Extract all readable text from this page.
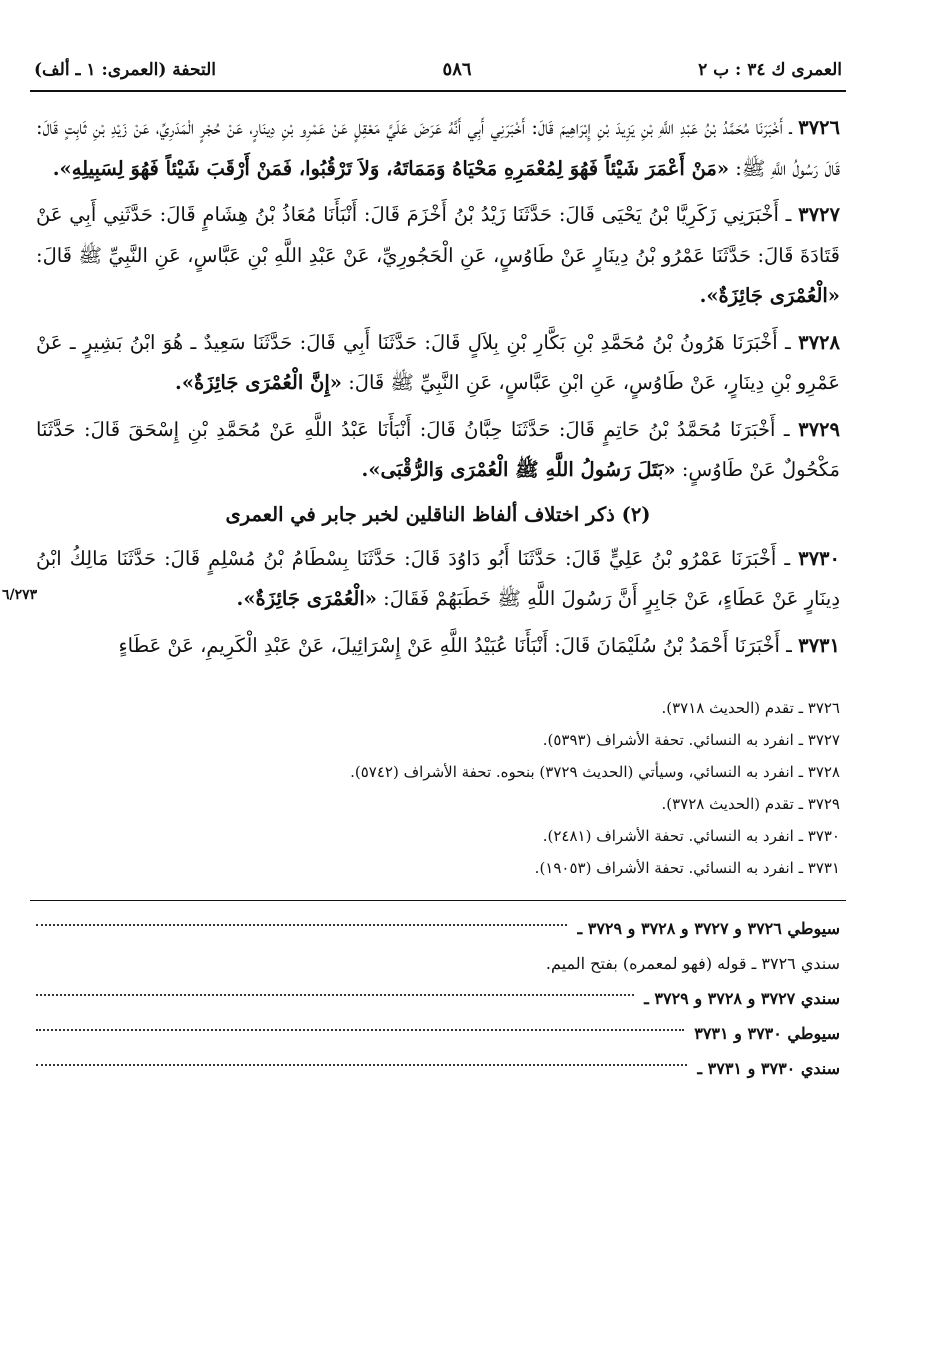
العمرى ك ٣٤ : ب ٢
٥٨٦
التحفة (العمرى: ١ ـ ألف)

٣٧٢٦ ـ أَخْبَرَنَا مُحَمَّدُ بْنُ عَبْدِ اللَّهِ بْنِ يَزِيدَ بْنِ إِبْرَاهِيمَ قَالَ: أَخْبَرَنِي أَبِي أَنَّهُ عَرَضَ عَلَيَّ مَعْقِلٍ عَنْ عَمْرِو بْنِ دِينَارٍ، عَنْ حُجْرٍ الْمَدَرِيِّ، عَنْ زَيْدِ بْنِ ثَابِتٍ قَالَ: قَالَ رَسُولُ اللَّهِ ﷺ: «مَنْ أَعْمَرَ شَيْئاً فَهُوَ لِمُعْمَرِهِ مَحْيَاهُ وَمَمَاتَهُ، وَلاَ تَرْقُبُوا، فَمَنْ أَرْقَبَ شَيْئاً فَهُوَ لِسَبِيلِهِ».

٣٧٢٧ ـ أَخْبَرَنِي زَكَرِيَّا بْنُ يَحْيَى قَالَ: حَدَّثَنَا زَيْدُ بْنُ أَخْزَمَ قَالَ: أَنْبَأَنَا مُعَاذُ بْنُ هِشَامٍ قَالَ: حَدَّثَنِي أَبِي عَنْ قَتَادَةَ قَالَ: حَدَّثَنَا عَمْرُو بْنُ دِينَارٍ عَنْ طَاوُسٍ، عَنِ الْحَجُورِيِّ، عَنْ عَبْدِ اللَّهِ بْنِ عَبَّاسٍ، عَنِ النَّبِيِّ ﷺ قَالَ: «الْعُمْرَى جَائِزَةٌ».

٣٧٢٨ ـ أَخْبَرَنَا هَرُونُ بْنُ مُحَمَّدِ بْنِ بَكَّارِ بْنِ بِلاَلٍ قَالَ: حَدَّثَنَا أَبِي قَالَ: حَدَّثَنَا سَعِيدٌ ـ هُوَ ابْنُ بَشِيرٍ ـ عَنْ عَمْرِو بْنِ دِينَارٍ، عَنْ طَاوُسٍ، عَنِ ابْنِ عَبَّاسٍ، عَنِ النَّبِيِّ ﷺ قَالَ: «إِنَّ الْعُمْرَى جَائِزَةٌ».

٣٧٢٩ ـ أَخْبَرَنَا مُحَمَّدُ بْنُ حَاتِمٍ قَالَ: حَدَّثَنَا حِبَّانُ قَالَ: أَنْبَأَنَا عَبْدُ اللَّهِ عَنْ مُحَمَّدِ بْنِ إِسْحَقَ قَالَ: حَدَّثَنَا مَكْحُولٌ عَنْ طَاوُسٍ: «بَتَلَ رَسُولُ اللَّهِ ﷺ الْعُمْرَى وَالرُّقْبَى».

(٢) ذكر اختلاف ألفاظ الناقلين لخبر جابر في العمرى

٣٧٣٠ ـ أَخْبَرَنَا عَمْرُو بْنُ عَلِيٍّ قَالَ: حَدَّثَنَا أَبُو دَاوُدَ قَالَ: حَدَّثَنَا بِسْطَامُ بْنُ مُسْلِمٍ قَالَ: حَدَّثَنَا مَالِكُ ابْنُ دِينَارٍ عَنْ عَطَاءٍ، عَنْ جَابِرٍ أَنَّ رَسُولَ اللَّهِ ﷺ خَطَبَهُمْ فَقَالَ: «الْعُمْرَى جَائِزَةٌ».
٦/٢٧٣

٣٧٣١ ـ أَخْبَرَنَا أَحْمَدُ بْنُ سُلَيْمَانَ قَالَ: أَنْبَأَنَا عُبَيْدُ اللَّهِ عَنْ إِسْرَائِيلَ، عَنْ عَبْدِ الْكَرِيمِ، عَنْ عَطَاءٍ

٣٧٢٦ ـ تقدم (الحديث ٣٧١٨).
٣٧٢٧ ـ انفرد به النسائي. تحفة الأشراف (٥٣٩٣).
٣٧٢٨ ـ انفرد به النسائي، وسيأتي (الحديث ٣٧٢٩) بنحوه. تحفة الأشراف (٥٧٤٢).
٣٧٢٩ ـ تقدم (الحديث ٣٧٢٨).
٣٧٣٠ ـ انفرد به النسائي. تحفة الأشراف (٢٤٨١).
٣٧٣١ ـ انفرد به النسائي. تحفة الأشراف (١٩٠٥٣).
سيوطي ٣٧٢٦ و ٣٧٢٧ و ٣٧٢٨ و ٣٧٢٩ ـ
سندي ٣٧٢٦ ـ قوله (فهو لمعمره) بفتح الميم.
سندي ٣٧٢٧ و ٣٧٢٨ و ٣٧٢٩ ـ
سيوطي ٣٧٣٠ و ٣٧٣١
سندي ٣٧٣٠ و ٣٧٣١ ـ
